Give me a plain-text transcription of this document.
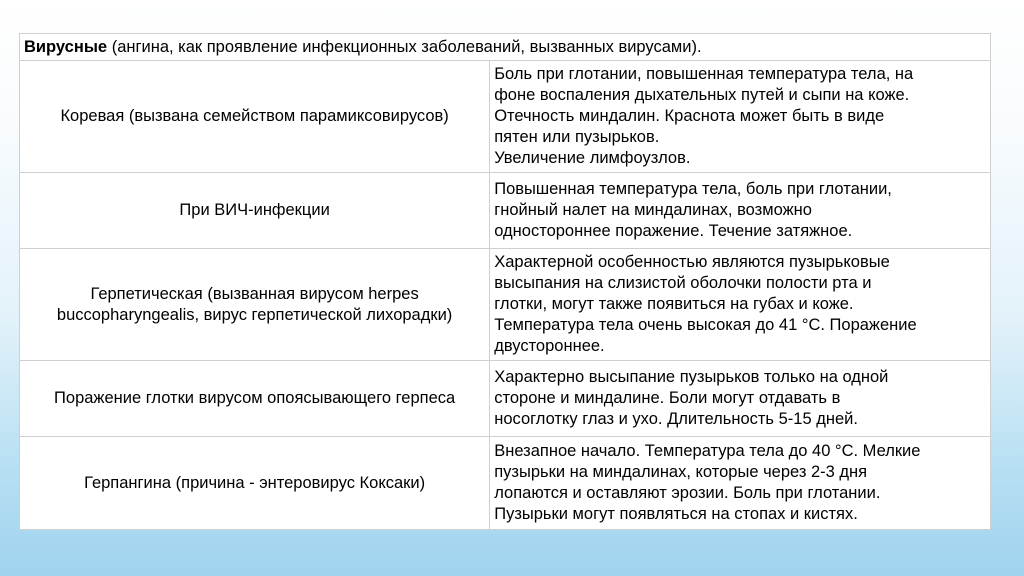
Вирусные (ангина, как проявление инфекционных заболеваний, вызванных вирусами).	

Коревая (вызвана семейством парамиксовирусов)	Боль при глотании, повышенная температура тела, на
фоне воспаления дыхательных путей и сыпи на коже.
Отечность миндалин. Краснота может быть в виде
пятен или пузырьков.
Увеличение лимфоузлов.

При ВИЧ-инфекции	Повышенная температура тела, боль при глотании,
гнойный налет на миндалинах, возможно
одностороннее поражение. Течение затяжное.

Герпетическая (вызванная вирусом herpes
buccopharyngealis, вирус герпетической лихорадки)	Характерной особенностью являются пузырьковые
высыпания на слизистой оболочки полости рта и
глотки, могут также появиться на губах и коже.
Температура тела очень высокая до 41 °С. Поражение
двустороннее.

Поражение глотки вирусом опоясывающего герпеса	Характерно высыпание пузырьков только на одной
стороне и миндалине. Боли могут отдавать в
носоглотку глаз и ухо. Длительность 5-15 дней.

Герпангина (причина - энтеровирус Коксаки)	Внезапное начало. Температура тела до 40 °С. Мелкие
пузырьки на миндалинах, которые через 2-3 дня
лопаются и оставляют эрозии. Боль при глотании.
Пузырьки могут появляться на стопах и кистях.
